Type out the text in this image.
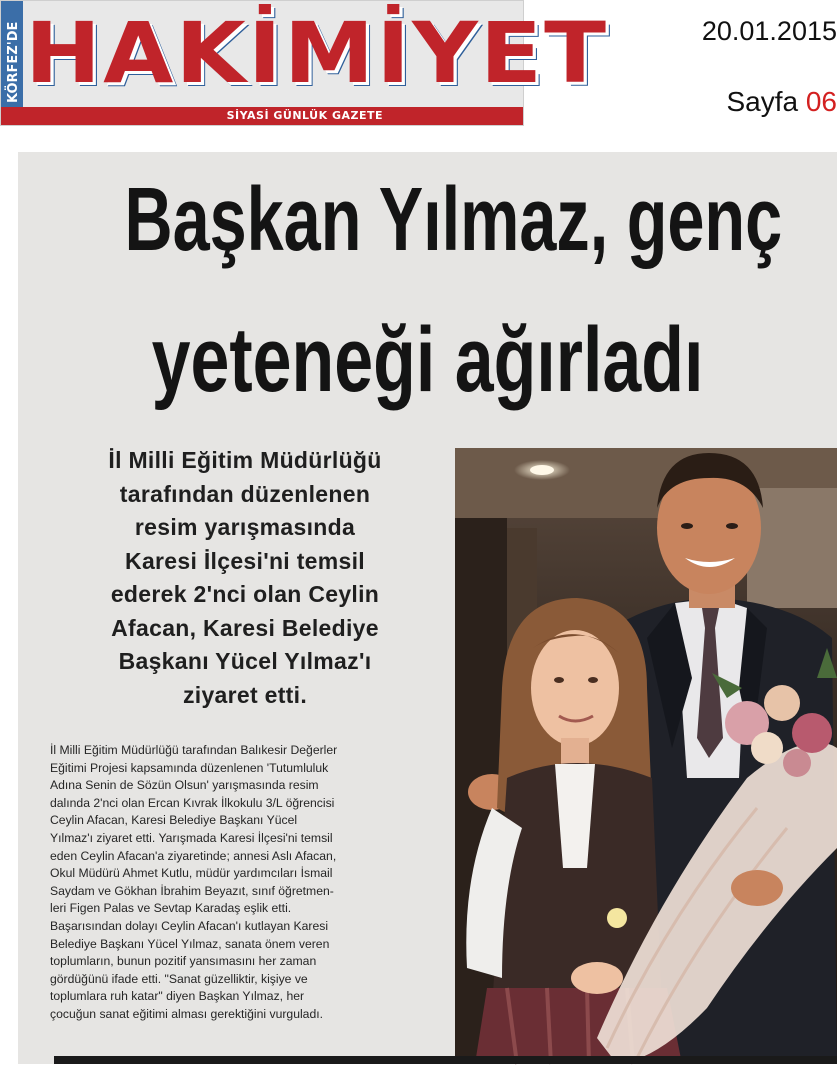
KÖRFEZ'DE HAKİMİYET
SİYASİ GÜNLÜK GAZETE
20.01.2015
Sayfa 06
Başkan Yılmaz, genç
yeteneği ağırladı
İl Milli Eğitim Müdürlüğü
tarafından düzenlenen
resim yarışmasında
Karesi İlçesi'ni temsil
ederek 2'nci olan Ceylin
Afacan, Karesi Belediye
Başkanı Yücel Yılmaz'ı
ziyaret etti.
İl Milli Eğitim Müdürlüğü tarafından Balıkesir Değerler
Eğitimi Projesi kapsamında düzenlenen 'Tutumluluk
Adına Senin de Sözün Olsun' yarışmasında resim
dalında 2'nci olan Ercan Kıvrak İlkokulu 3/L öğrencisi
Ceylin Afacan, Karesi Belediye Başkanı Yücel
Yılmaz'ı ziyaret etti. Yarışmada Karesi İlçesi'ni temsil
eden Ceylin Afacan'a ziyaretinde; annesi Aslı Afacan,
Okul Müdürü Ahmet Kutlu, müdür yardımcıları İsmail
Saydam ve Gökhan İbrahim Beyazıt, sınıf öğretmen-
leri Figen Palas ve Sevtap Karadaş eşlik etti.
Başarısından dolayı Ceylin Afacan'ı kutlayan Karesi
Belediye Başkanı Yücel Yılmaz, sanata önem veren
toplumların, bunun pozitif yansımasını her zaman
gördüğünü ifade etti. "Sanat güzelliktir, kişiye ve
toplumlara ruh katar" diyen Başkan Yılmaz, her
çocuğun sanat eğitimi alması gerektiğini vurguladı.
